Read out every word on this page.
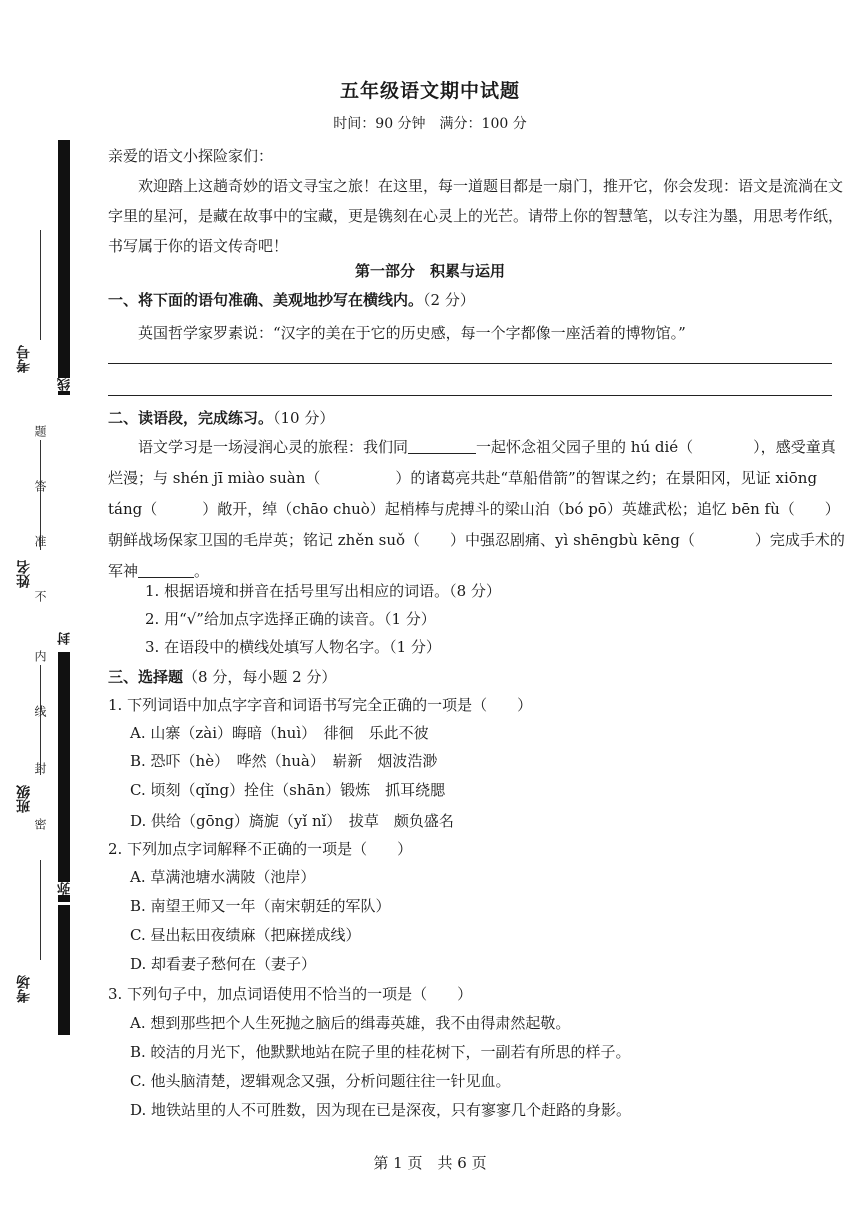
考号
姓名
班级
考场
题
答
准
不
内
线
封
密
线
封
弥
五年级语文期中试题
时间：90 分钟　满分：100 分
亲爱的语文小探险家们：
欢迎踏上这趟奇妙的语文寻宝之旅！在这里，每一道题目都是一扇门，推开它，你会发现：语文是流淌在文字里的星河，是藏在故事中的宝藏，更是镌刻在心灵上的光芒。请带上你的智慧笔，以专注为墨，用思考作纸，书写属于你的语文传奇吧！
第一部分　积累与运用
一、将下面的语句准确、美观地抄写在横线内。（2 分）
英国哲学家罗素说：“汉字的美在于它的历史感，每一个字都像一座活着的博物馆。”
二、读语段，完成练习。（10 分）
语文学习是一场浸润心灵的旅程：我们同	一起怀念祖父园子里的 hú dié（　　　　	），感受童真烂漫；与 shén jī miào suàn（　　　　　	）的诸葛亮共赴“草船借箭”的智谋之约；在景阳冈，见证 xiōng táng（　　　	）敞开，绰（chāo chuò）起梢棒与虎搏斗的梁山泊（bó pō）英雄武松；追忆 bēn fù（　　 ）朝鲜战场保家卫国的毛岸英；铭记 zhěn suǒ（　　 ）中强忍剧痛、yì shēngbù kēng（　　　　	）完成手术的军神	。
1. 根据语境和拼音在括号里写出相应的词语。（8 分）
2. 用“√”给加点字选择正确的读音。（1 分）
3. 在语段中的横线处填写人物名字。（1 分）
三、选择题（8 分，每小题 2 分）
1. 下列词语中加点字字音和词语书写完全正确的一项是（　　）
A. 山寨（zài）晦暗（huì）　徘徊　乐此不彼
B. 恐吓（hè）　哗然（huà）　崭新　烟波浩渺
C. 顷刻（qǐng）拴住（shān）锻炼　抓耳绕腮
D. 供给（gōng）旖旎（yǐ nǐ）　拔草　颇负盛名
2. 下列加点字词解释不正确的一项是（　　）
A. 草满池塘水满陂（池岸）
B. 南望王师又一年（南宋朝廷的军队）
C. 昼出耘田夜绩麻（把麻搓成线）
D. 却看妻子愁何在（妻子）
3. 下列句子中，加点词语使用不恰当的一项是（　　）
A. 想到那些把个人生死抛之脑后的缉毒英雄，我不由得肃然起敬。
B. 皎洁的月光下，他默默地站在院子里的桂花树下，一副若有所思的样子。
C. 他头脑清楚，逻辑观念又强，分析问题往往一针见血。
D. 地铁站里的人不可胜数，因为现在已是深夜，只有寥寥几个赶路的身影。
第 1 页　共 6 页
